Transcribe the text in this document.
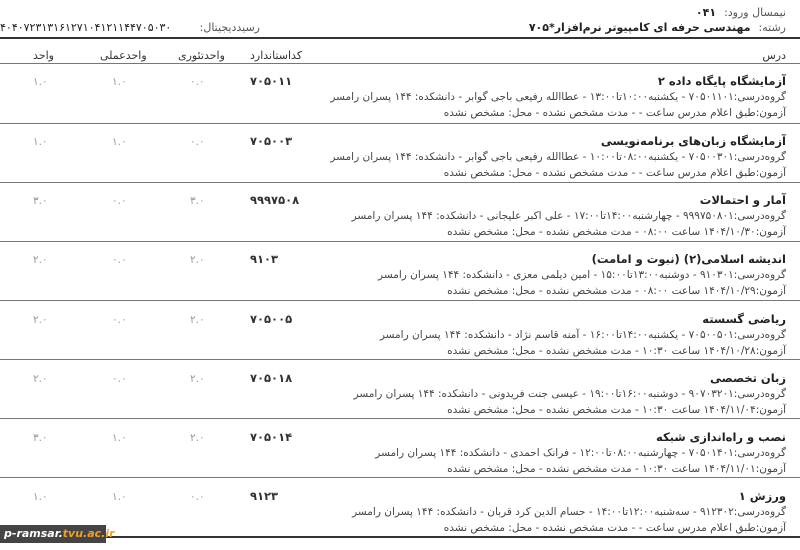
نیمسال ورود:
۰۴۱
رشته:
مهندسی حرفه ای کامپیوتر نرم‌افزار*۷۰۵
رسیددیجیتال:
۴۰۴۰۷۲۳۱۳۱۶۱۲۷۱۰۴۱۲۱۱۴۴۷۰۵۰۳۰
درس
کداستاندارد
واحدتئوری
واحدعملی
واحد
آزمایشگاه پایگاه داده ۲
گروه‌درسی:۷۰۵۰۱۱۰۱ - یکشنبه۱۰:۰۰تا۱۳:۰۰ - عطاالله رفیعی باجی گوابر - دانشکده: ۱۴۴ پسران رامسر
آزمون:طبق اعلام مدرس ساعت - - مدت مشخص نشده - محل: مشخص نشده
۷۰۵۰۱۱
۰.۰
۱.۰
۱.۰
آزمایشگاه زبان‌های برنامه‌نویسی
گروه‌درسی:۷۰۵۰۰۳۰۱ - یکشنبه۰۸:۰۰تا۱۰:۰۰ - عطاالله رفیعی باجی گوابر - دانشکده: ۱۴۴ پسران رامسر
آزمون:طبق اعلام مدرس ساعت - - مدت مشخص نشده - محل: مشخص نشده
۷۰۵۰۰۳
۰.۰
۱.۰
۱.۰
آمار و احتمالات
گروه‌درسی:۹۹۹۷۵۰۸۰۱ - چهارشنبه۱۴:۰۰تا۱۷:۰۰ - علی اکبر علیجانی - دانشکده: ۱۴۴ پسران رامسر
آزمون:۱۴۰۴/۱۰/۳۰ ساعت ۰۸:۰۰ - مدت مشخص نشده - محل: مشخص نشده
۹۹۹۷۵۰۸
۳.۰
۰.۰
۳.۰
اندیشه اسلامی(۲) (نبوت و امامت)
گروه‌درسی:۹۱۰۳۰۱ - دوشنبه۱۳:۰۰تا۱۵:۰۰ - امین دیلمی معزی - دانشکده: ۱۴۴ پسران رامسر
آزمون:۱۴۰۴/۱۰/۲۹ ساعت ۰۸:۰۰ - مدت مشخص نشده - محل: مشخص نشده
۹۱۰۳
۲.۰
۰.۰
۲.۰
ریاضی گسسته
گروه‌درسی:۷۰۵۰۰۵۰۱ - یکشنبه۱۴:۰۰تا۱۶:۰۰ - آمنه قاسم نژاد - دانشکده: ۱۴۴ پسران رامسر
آزمون:۱۴۰۴/۱۰/۲۸ ساعت ۱۰:۳۰ - مدت مشخص نشده - محل: مشخص نشده
۷۰۵۰۰۵
۲.۰
۰.۰
۲.۰
زبان تخصصی
گروه‌درسی:۹۰۷۰۳۲۰۱ - دوشنبه۱۶:۰۰تا۱۹:۰۰ - عیسی جنت فریدونی - دانشکده: ۱۴۴ پسران رامسر
آزمون:۱۴۰۴/۱۱/۰۴ ساعت ۱۰:۳۰ - مدت مشخص نشده - محل: مشخص نشده
۷۰۵۰۱۸
۲.۰
۰.۰
۲.۰
نصب و راه‌اندازی شبکه
گروه‌درسی:۷۰۵۰۱۴۰۱ - چهارشنبه۰۸:۰۰تا۱۲:۰۰ - فرانک احمدی - دانشکده: ۱۴۴ پسران رامسر
آزمون:۱۴۰۴/۱۱/۰۱ ساعت ۱۰:۳۰ - مدت مشخص نشده - محل: مشخص نشده
۷۰۵۰۱۴
۲.۰
۱.۰
۳.۰
ورزش ۱
گروه‌درسی:۹۱۲۳۰۲ - سه‌شنبه۱۲:۰۰تا۱۴:۰۰ - حسام الدین کرد قربان - دانشکده: ۱۴۴ پسران رامسر
آزمون:طبق اعلام مدرس ساعت - - مدت مشخص نشده - محل: مشخص نشده
۹۱۲۳
۰.۰
۱.۰
۱.۰
p-ramsar.tvu.ac.ir
